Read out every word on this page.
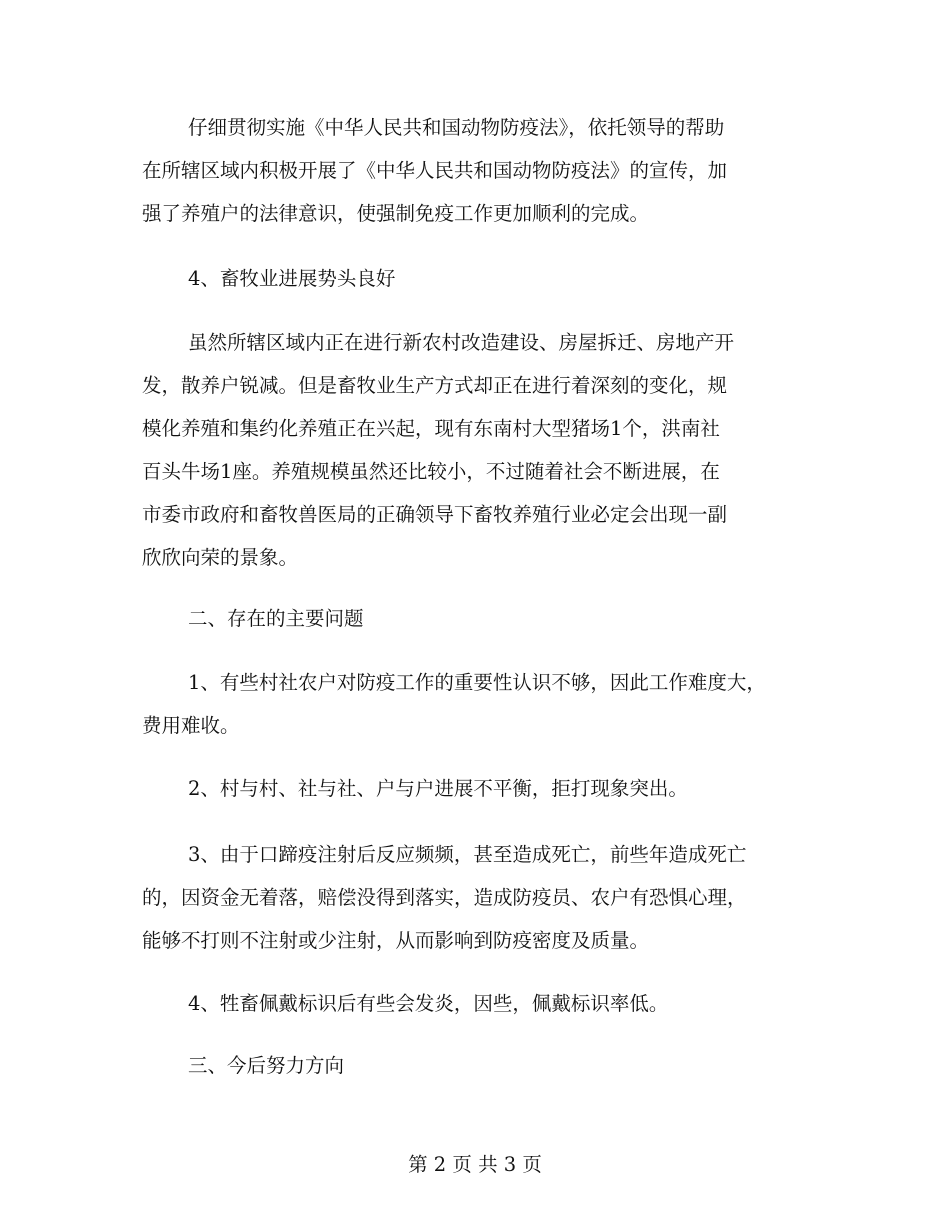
仔细贯彻实施《中华人民共和国动物防疫法》，依托领导的帮助
在所辖区域内积极开展了《中华人民共和国动物防疫法》的宣传，加
强了养殖户的法律意识，使强制免疫工作更加顺利的完成。
4、畜牧业进展势头良好
虽然所辖区域内正在进行新农村改造建设、房屋拆迁、房地产开
发，散养户锐减。但是畜牧业生产方式却正在进行着深刻的变化，规
模化养殖和集约化养殖正在兴起，现有东南村大型猪场1个，洪南社
百头牛场1座。养殖规模虽然还比较小，不过随着社会不断进展，在
市委市政府和畜牧兽医局的正确领导下畜牧养殖行业必定会出现一副
欣欣向荣的景象。
二、存在的主要问题
1、有些村社农户对防疫工作的重要性认识不够，因此工作难度大，
费用难收。
2、村与村、社与社、户与户进展不平衡，拒打现象突出。
3、由于口蹄疫注射后反应频频，甚至造成死亡，前些年造成死亡
的，因资金无着落，赔偿没得到落实，造成防疫员、农户有恐惧心理，
能够不打则不注射或少注射，从而影响到防疫密度及质量。
4、牲畜佩戴标识后有些会发炎，因些，佩戴标识率低。
三、今后努力方向
第 2 页 共 3 页
